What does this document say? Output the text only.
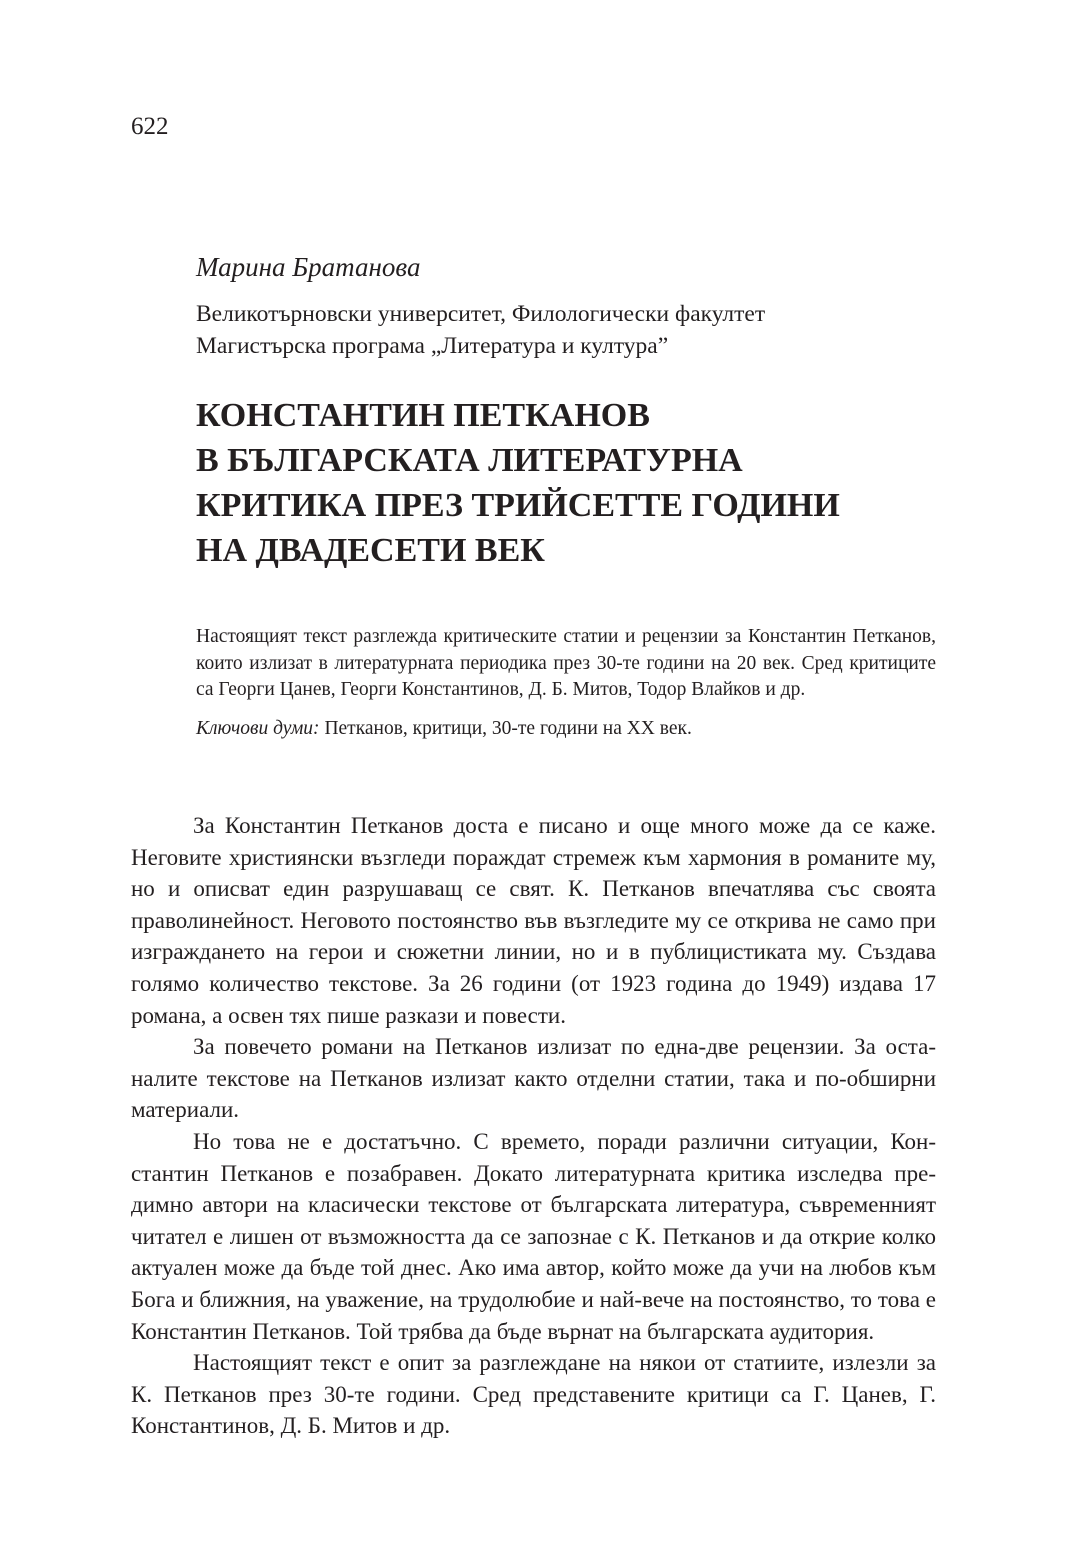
622
Марина Братанова
Великотърновски университет, Филологически факултет
Магистърска програма „Литература и култура”
КОНСТАНТИН ПЕТКАНОВ
В БЪЛГАРСКАТА ЛИТЕРАТУРНА
КРИТИКА ПРЕЗ ТРИЙСЕТТЕ ГОДИНИ
НА ДВАДЕСЕТИ ВЕК
Настоящият текст разглежда критическите статии и рецензии за Константин Петканов, които излизат в литературната периодика през 30-те години на 20 век. Сред критиците са Георги Цанев, Георги Константинов, Д. Б. Митов, Тодор Влайков и др.
Ключови думи: Петканов, критици, 30-те години на ХХ век.

За Константин Петканов доста е писано и още много може да се каже. Неговите християнски възгледи пораждат стремеж към хармония в романите му, но и описват един разрушаващ се свят. К. Петканов впечатлява със своята праволинейност. Неговото постоянство във възгледите му се открива не само при изграждането на герои и сюжетни линии, но и в публицистиката му. Създава голямо количество текстове. За 26 години (от 1923 година до 1949) издава 17 романа, а освен тях пише разкази и повести.

За повечето романи на Петканов излизат по една-две рецензии. За останалите текстове на Петканов излизат както отделни статии, така и по-обширни материали.

Но това не е достатъчно. С времето, поради различни ситуации, Константин Петканов е позабравен. Докато литературната критика изследва предимно автори на класически текстове от българската литература, съвременният читател е лишен от възможността да се запознае с К. Петканов и да открие колко актуален може да бъде той днес. Ако има автор, който може да учи на любов към Бога и ближния, на уважение, на трудолюбие и най-вече на постоянство, то това е Константин Петканов. Той трябва да бъде върнат на българската аудитория.

Настоящият текст е опит за разглеждане на някои от статиите, излезли за К. Петканов през 30-те години. Сред представените критици са Г. Цанев, Г. Константинов, Д. Б. Митов и др.
